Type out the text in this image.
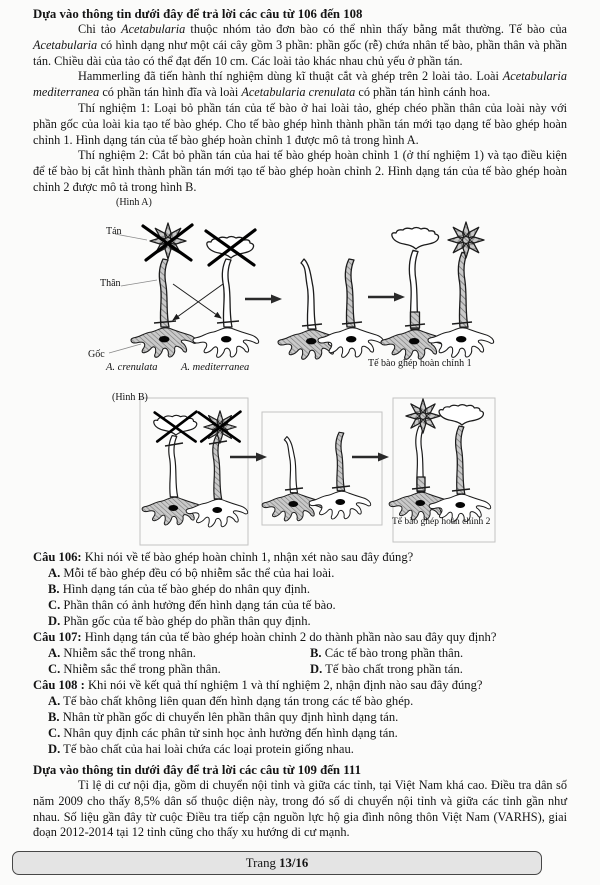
Dựa vào thông tin dưới đây để trả lời các câu từ 106 đến 108

Chi tảo Acetabularia thuộc nhóm tảo đơn bào có thể nhìn thấy bằng mắt thường. Tế bào của Acetabularia có hình dạng như một cái cây gồm 3 phần: phần gốc (rễ) chứa nhân tế bào, phần thân và phần tán. Chiều dài của tảo có thể đạt đến 10 cm. Các loài tảo khác nhau chủ yếu ở phần tán.

Hammerling đã tiến hành thí nghiệm dùng kĩ thuật cắt và ghép trên 2 loài tảo. Loài Acetabularia mediterranea có phần tán hình đĩa và loài Acetabularia crenulata có phần tán hình cánh hoa.

Thí nghiệm 1: Loại bỏ phần tán của tế bào ở hai loài tảo, ghép chéo phần thân của loài này với phần gốc của loài kia tạo tế bào ghép. Cho tế bào ghép hình thành phần tán mới tạo dạng tế bào ghép hoàn chỉnh 1. Hình dạng tán của tế bào ghép hoàn chỉnh 1 được mô tả trong hình A.

Thí nghiệm 2: Cắt bỏ phần tán của hai tế bào ghép hoàn chỉnh 1 (ở thí nghiệm 1) và tạo điều kiện để tế bào bị cắt hình thành phần tán mới tạo tế bào ghép hoàn chỉnh 2. Hình dạng tán của tế bào ghép hoàn chỉnh 2 được mô tả trong hình B.

(Hình A)
Tán
Thân
Gốc
A. crenulata A. mediterranea	Tế bào ghép hoàn chỉnh 1
(Hình B)
Tế bào ghép hoàn chỉnh 2
Câu 106: Khi nói về tế bào ghép hoàn chỉnh 1, nhận xét nào sau đây đúng?
A. Mỗi tế bào ghép đều có bộ nhiễm sắc thể của hai loài.
B. Hình dạng tán của tế bào ghép do nhân quy định.
C. Phần thân có ảnh hưởng đến hình dạng tán của tế bào.
D. Phần gốc của tế bào ghép do phần thân quy định.
Câu 107: Hình dạng tán của tế bào ghép hoàn chỉnh 2 do thành phần nào sau đây quy định?
A. Nhiễm sắc thể trong nhân.	B. Các tế bào trong phần thân.
C. Nhiễm sắc thể trong phần thân.	D. Tế bào chất trong phần tán.
Câu 108 : Khi nói về kết quả thí nghiệm 1 và thí nghiệm 2, nhận định nào sau đây đúng?
A. Tế bào chất không liên quan đến hình dạng tán trong các tế bào ghép.
B. Nhân từ phần gốc di chuyển lên phần thân quy định hình dạng tán.
C. Nhân quy định các phân tử sinh học ảnh hưởng đến hình dạng tán.
D. Tế bào chất của hai loài chứa các loại protein giống nhau.
Dựa vào thông tin dưới đây để trả lời các câu từ 109 đến 111

Tỉ lệ di cư nội địa, gồm di chuyển nội tỉnh và giữa các tỉnh, tại Việt Nam khá cao. Điều tra dân số năm 2009 cho thấy 8,5% dân số thuộc diện này, trong đó số di chuyển nội tỉnh và giữa các tỉnh gần như nhau. Số liệu gần đây từ cuộc Điều tra tiếp cận nguồn lực hộ gia đình nông thôn Việt Nam (VARHS), giai đoạn 2012-2014 tại 12 tỉnh cũng cho thấy xu hướng di cư mạnh.

Trang 13/16
